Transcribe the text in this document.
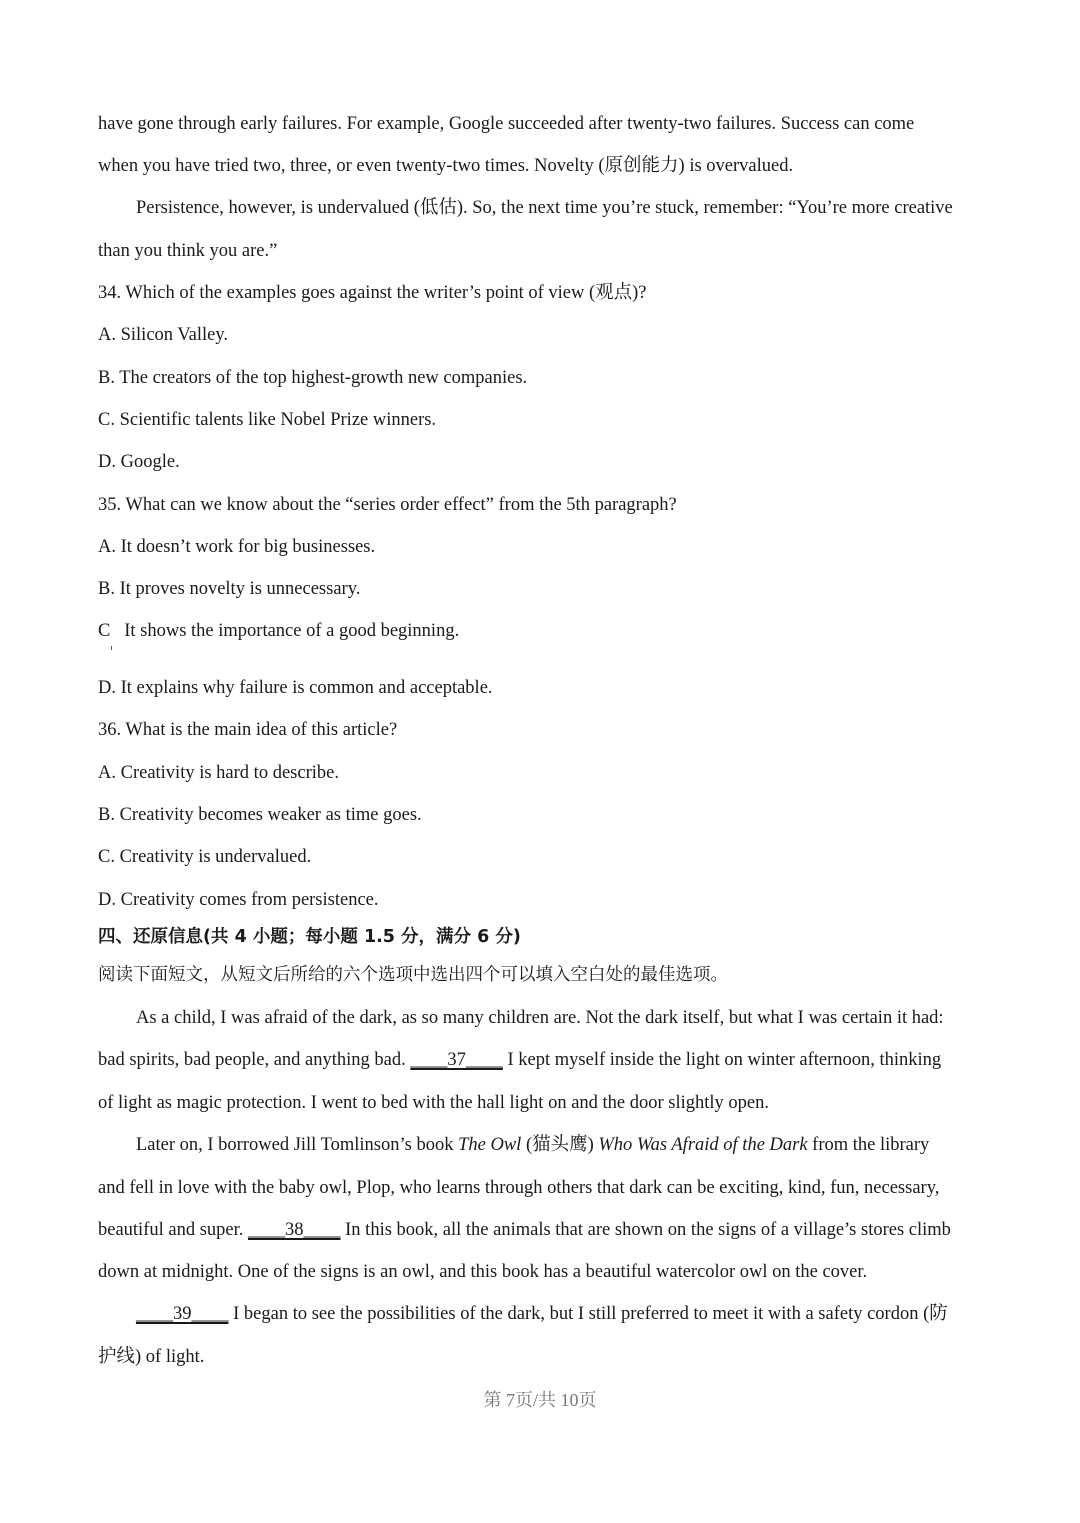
have gone through early failures. For example, Google succeeded after twenty-two failures. Success can come
when you have tried two, three, or even twenty-two times. Novelty (原创能力) is overvalued.
Persistence, however, is undervalued (低估). So, the next time you’re stuck, remember: “You’re more creative
than you think you are.”
34. Which of the examples goes against the writer’s point of view (观点)?
A. Silicon Valley.
B. The creators of the top highest-growth new companies.
C. Scientific talents like Nobel Prize winners.
D. Google.
35. What can we know about the “series order effect” from the 5th paragraph?
A. It doesn’t work for big businesses.
B. It proves novelty is unnecessary.
C   It shows the importance of a good beginning.
D. It explains why failure is common and acceptable.
36. What is the main idea of this article?
A. Creativity is hard to describe.
B. Creativity becomes weaker as time goes.
C. Creativity is undervalued.
D. Creativity comes from persistence.
四、还原信息(共 4 小题；每小题 1.5 分，满分 6 分)
阅读下面短文，从短文后所给的六个选项中选出四个可以填入空白处的最佳选项。
As a child, I was afraid of the dark, as so many children are. Not the dark itself, but what I was certain it had:
bad spirits, bad people, and anything bad. ____37____ I kept myself inside the light on winter afternoon, thinking
of light as magic protection. I went to bed with the hall light on and the door slightly open.
Later on, I borrowed Jill Tomlinson’s book The Owl (猫头鹰) Who Was Afraid of the Dark from the library
and fell in love with the baby owl, Plop, who learns through others that dark can be exciting, kind, fun, necessary,
beautiful and super. ____38____ In this book, all the animals that are shown on the signs of a village’s stores climb
down at midnight. One of the signs is an owl, and this book has a beautiful watercolor owl on the cover.
____39____ I began to see the possibilities of the dark, but I still preferred to meet it with a safety cordon (防
护线) of light.
第 7页/共 10页
